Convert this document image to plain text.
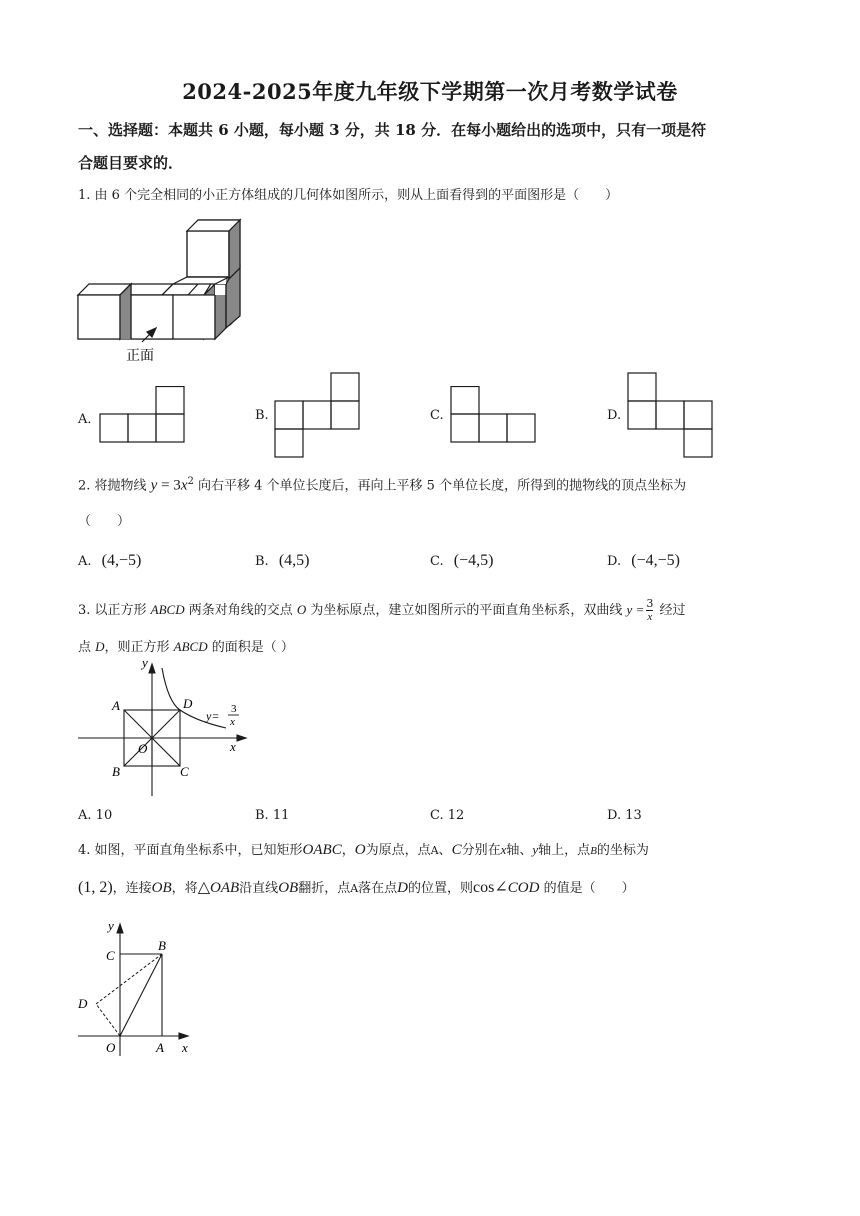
2024-2025年度九年级下学期第一次月考数学试卷
一、选择题：本题共 6 小题，每小题 3 分，共 18 分．在每小题给出的选项中，只有一项是符
合题目要求的．
1. 由 6 个完全相同的小正方体组成的几何体如图所示，则从上面看得到的平面图形是（　　）
正面
A．	B.	C.	D.
2. 将抛物线 $y = 3x^2$ 向右平移 4 个单位长度后，再向上平移 5 个单位长度，所得到的抛物线的顶点坐标为
（　　）
A. (4,−5)	B. (4,5)	C. (−4,5)	D. (−4,−5)
3. 以正方形 ABCD 两条对角线的交点 O 为坐标原点，建立如图所示的平面直角坐标系，双曲线 $y = \frac{3}{x}$ 经过
点 D，则正方形 ABCD 的面积是（ ）
y
x
A	D
B	C
O
y= 3
x
A. 10	B. 11	C. 12	D. 13
4. 如图，平面直角坐标系中，已知矩形OABC，O为原点，点A、C分别在x轴、y轴上，点B的坐标为
(1, 2)，连接OB，将△OAB沿直线OB翻折，点A落在点D的位置，则cos∠COD 的值是（　　）
y
x
C
B
D
O	A
